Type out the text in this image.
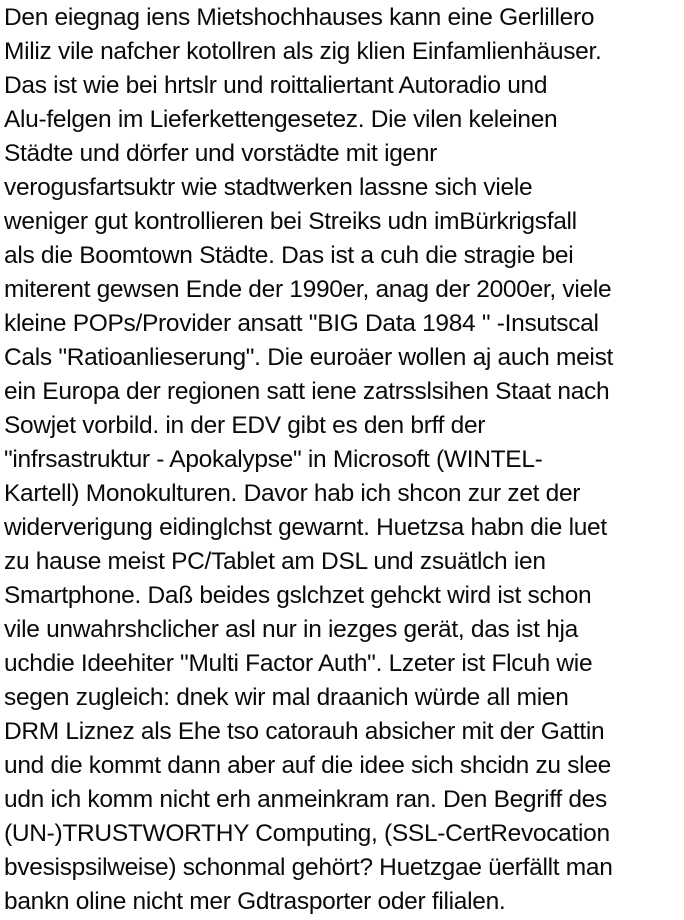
Den eiegnag iens Mietshochhauses kann eine Gerlillero
Miliz vile nafcher kotollren als zig klien Einfamlienhäuser.
Das ist wie bei hrtslr und roittaliertant Autoradio und
Alu-felgen im Lieferkettengesetez. Die vilen keleinen
Städte und dörfer und vorstädte mit igenr
verogusfartsuktr wie stadtwerken lassne sich viele
weniger gut kontrollieren bei Streiks udn imBürkrigsfall
als die Boomtown Städte. Das ist a cuh die stragie bei
miterent gewsen Ende der 1990er, anag der 2000er, viele
kleine POPs/Provider ansatt "BIG Data 1984 " -Insutscal
Cals "Ratioanlieserung". Die euroäer wollen aj auch meist
ein Europa der regionen satt iene zatrsslsihen Staat nach
Sowjet vorbild. in der EDV gibt es den brff der
"infrsastruktur - Apokalypse" in Microsoft (WINTEL-
Kartell) Monokulturen. Davor hab ich shcon zur zet der
widerverigung eidinglchst gewarnt. Huetzsa habn die luet
zu hause meist PC/Tablet am DSL und zsuätlch ien
Smartphone. Daß beides gslchzet gehckt wird ist schon
vile unwahrshclicher asl nur in iezges gerät, das ist hja
uchdie Ideehiter "Multi Factor Auth". Lzeter ist Flcuh wie
segen zugleich: dnek wir mal draanich würde all mien
DRM Liznez als Ehe tso catorauh absicher mit der Gattin
und die kommt dann aber auf die idee sich shcidn zu slee
udn ich komm nicht erh anmeinkram ran. Den Begriff des
(UN-)TRUSTWORTHY Computing, (SSL-CertRevocation
bvesispsilweise) schonmal gehört? Huetzgae üerfällt man
bankn oline nicht mer Gdtrasporter oder filialen.
